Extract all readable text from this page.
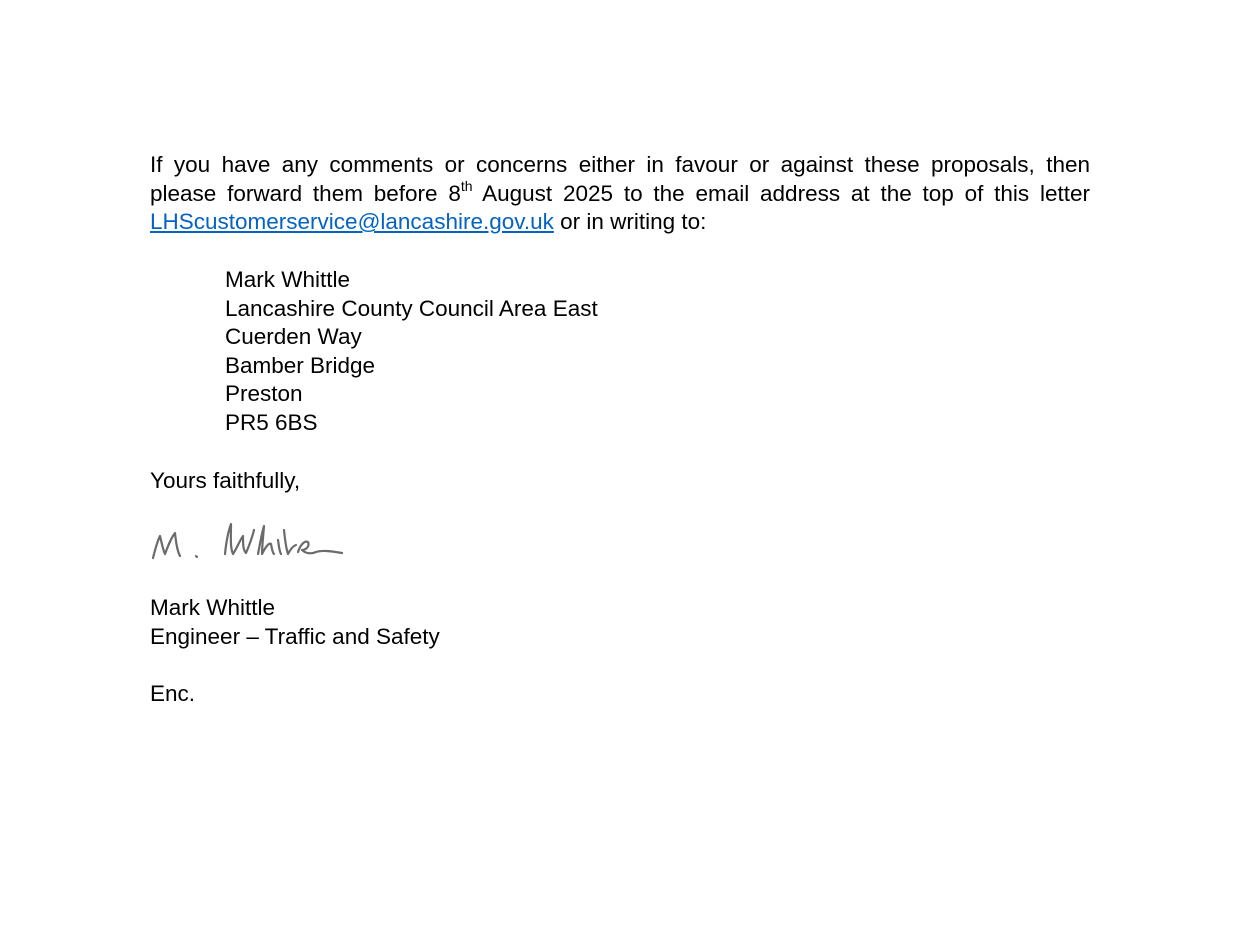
If you have any comments or concerns either in favour or against these proposals, then please forward them before 8th August 2025 to the email address at the top of this letter LHScustomerservice@lancashire.gov.uk or in writing to:

Mark Whittle
Lancashire County Council Area East
Cuerden Way
Bamber Bridge
Preston
PR5 6BS
Yours faithfully,
Mark Whittle
Engineer – Traffic and Safety
Enc.
